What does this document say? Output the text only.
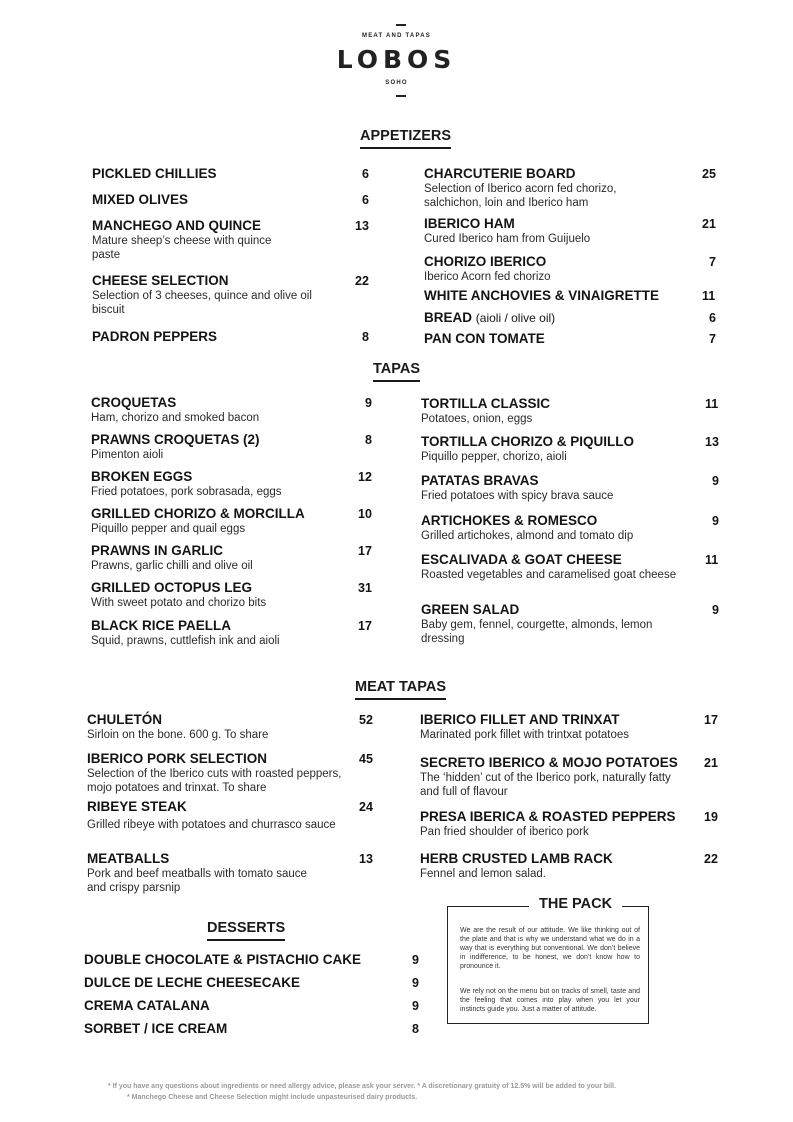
MEAT AND TAPAS
LOBOS
SOHO
APPETIZERS
PICKLED CHILLIES	6
MIXED OLIVES	6
MANCHEGO AND QUINCE
Mature sheep’s cheese with quince paste
13
CHEESE SELECTION
Selection of 3 cheeses, quince and olive oil biscuit
22
PADRON PEPPERS	8
CHARCUTERIE BOARD
Selection of Iberico acorn fed chorizo, salchichon, loin and Iberico ham
25
IBERICO HAM
Cured Iberico ham from Guijuelo
21
CHORIZO IBERICO
Iberico Acorn fed chorizo
7
WHITE ANCHOVIES & VINAIGRETTE	11
BREAD (aioli / olive oil)	6
PAN CON TOMATE	7
TAPAS
CROQUETAS
Ham, chorizo and smoked bacon
9
PRAWNS CROQUETAS (2)
Pimenton aioli
8
BROKEN EGGS
Fried potatoes, pork sobrasada, eggs
12
GRILLED CHORIZO & MORCILLA
Piquillo pepper and quail eggs
10
PRAWNS IN GARLIC
Prawns, garlic chilli and olive oil
17
GRILLED OCTOPUS LEG
With sweet potato and chorizo bits
31
BLACK RICE PAELLA
Squid, prawns, cuttlefish ink and aioli
17
TORTILLA CLASSIC
Potatoes, onion, eggs
11
TORTILLA CHORIZO & PIQUILLO
Piquillo pepper, chorizo, aioli
13
PATATAS BRAVAS
Fried potatoes with spicy brava sauce
9
ARTICHOKES & ROMESCO
Grilled artichokes, almond and tomato dip
9
ESCALIVADA & GOAT CHEESE
Roasted vegetables and caramelised goat cheese
11
GREEN SALAD
Baby gem, fennel, courgette, almonds, lemon dressing
9
MEAT TAPAS
CHULETÓN
Sirloin on the bone. 600 g. To share
52
IBERICO PORK SELECTION
Selection of the Iberico cuts with roasted peppers, mojo potatoes and trinxat. To share
45
RIBEYE STEAK
Grilled ribeye with potatoes and churrasco sauce
24
MEATBALLS
Pork and beef meatballs with tomato sauce and crispy parsnip
13
IBERICO FILLET AND TRINXAT
Marinated pork fillet with trintxat potatoes
17
SECRETO IBERICO & MOJO POTATOES
The ‘hidden’ cut of the Iberico pork, naturally fatty and full of flavour
21
PRESA IBERICA & ROASTED PEPPERS
Pan fried shoulder of iberico pork
19
HERB CRUSTED LAMB RACK
Fennel and lemon salad.
22
DESSERTS
DOUBLE CHOCOLATE & PISTACHIO CAKE	9
DULCE DE LECHE CHEESECAKE	9
CREMA CATALANA	9
SORBET / ICE CREAM	8
THE PACK
We are the result of our attitude. We like thinking out of the plate and that is why we understand what we do in a way that is everything but conventional. We don’t believe in indifference, to be honest, we don’t know how to pronounce it.
We rely not on the menu but on tracks of smell, taste and the feeling that comes into play when you let your instincts guide you. Just a matter of attitude.
* If you have any questions about ingredients or need allergy advice, please ask your server. * A discretionary gratuity of 12.5% will be added to your bill.
* Manchego Cheese and Cheese Selection might include unpasteurised dairy products.
